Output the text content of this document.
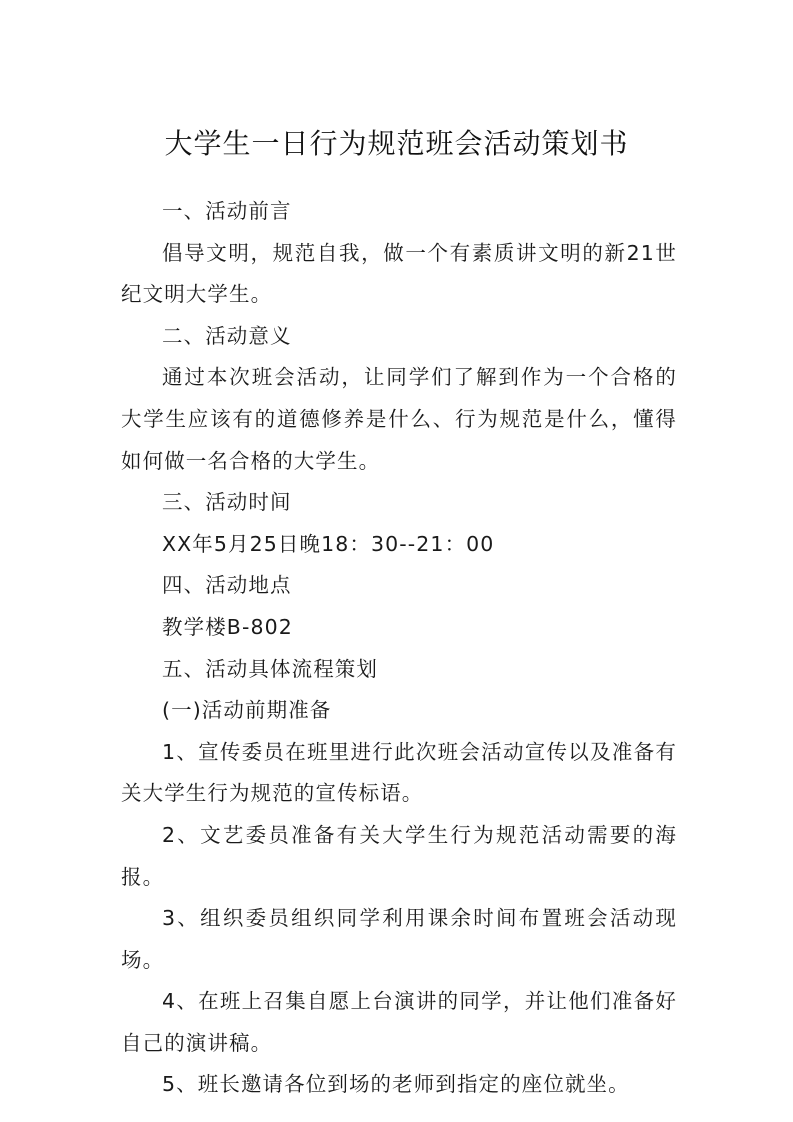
大学生一日行为规范班会活动策划书

一、活动前言

倡导文明，规范自我，做一个有素质讲文明的新21世纪文明大学生。

二、活动意义

通过本次班会活动，让同学们了解到作为一个合格的大学生应该有的道德修养是什么、行为规范是什么，懂得如何做一名合格的大学生。

三、活动时间

XX年5月25日晚18：30--21：00

四、活动地点

教学楼B-802

五、活动具体流程策划

(一)活动前期准备

1、宣传委员在班里进行此次班会活动宣传以及准备有关大学生行为规范的宣传标语。

2、文艺委员准备有关大学生行为规范活动需要的海报。

3、组织委员组织同学利用课余时间布置班会活动现场。

4、在班上召集自愿上台演讲的同学，并让他们准备好自己的演讲稿。

5、班长邀请各位到场的老师到指定的座位就坐。
